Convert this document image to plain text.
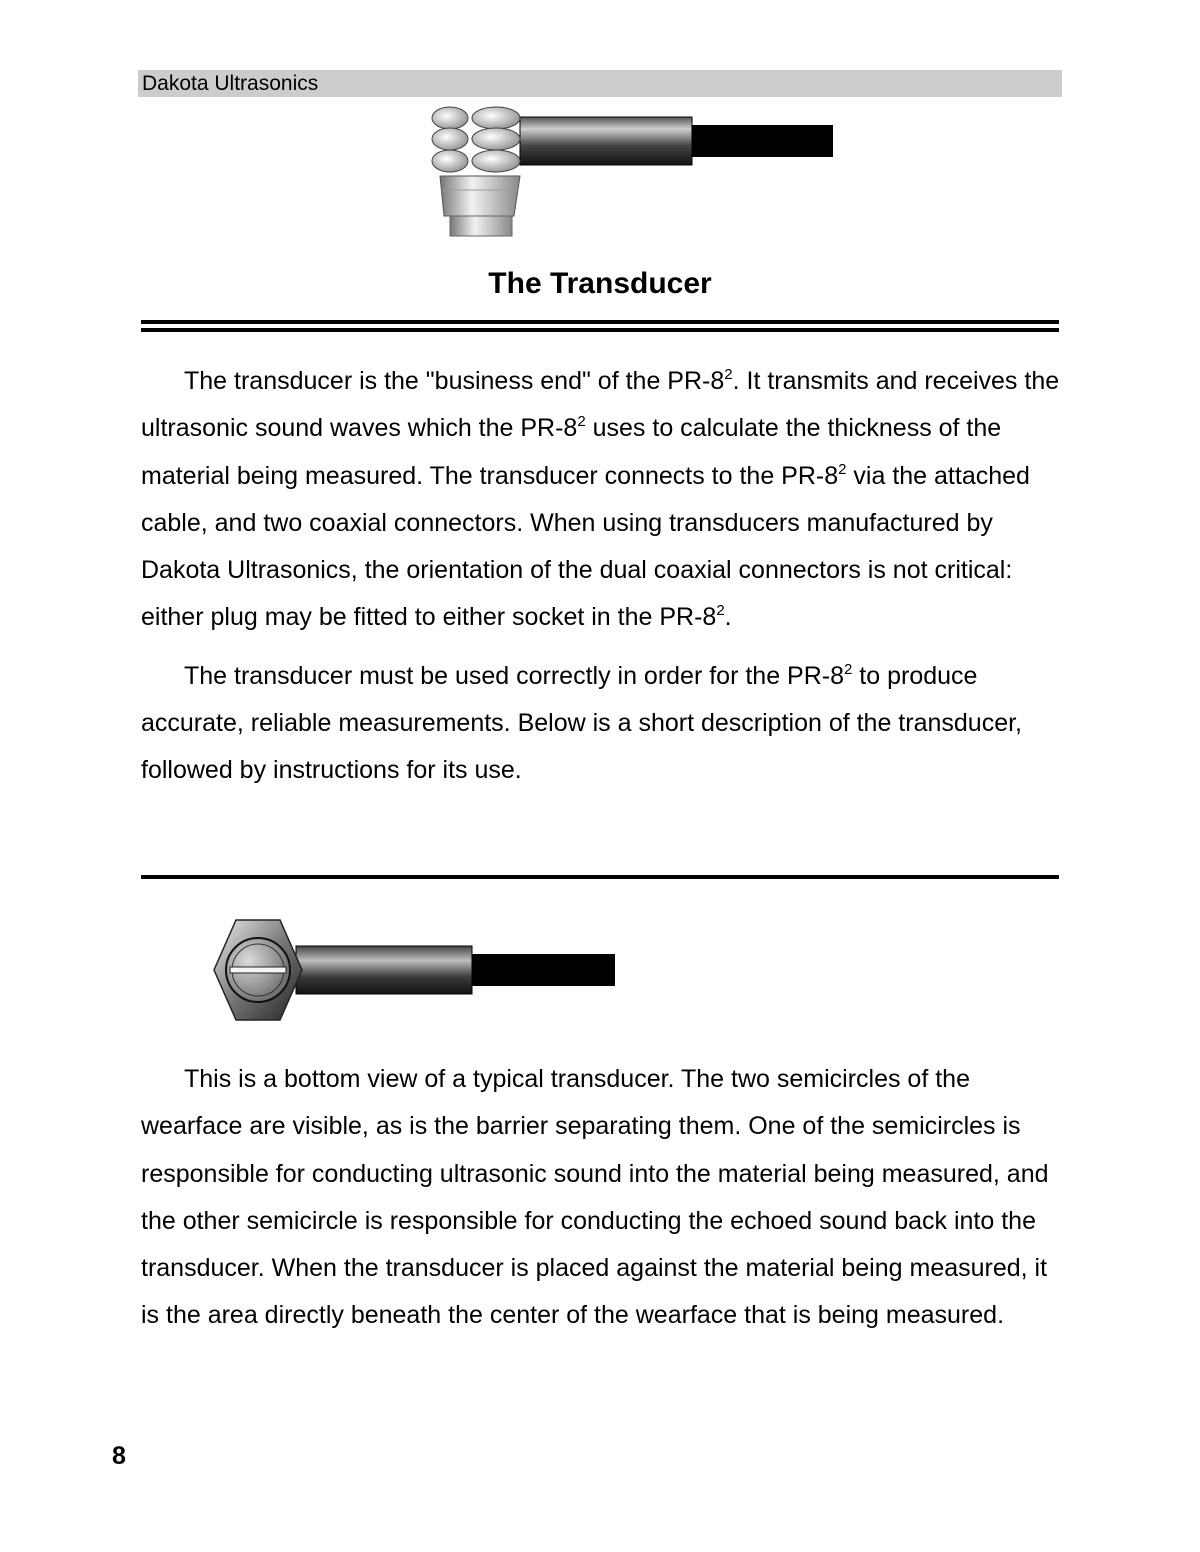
Dakota Ultrasonics
The Transducer

The transducer is the "business end" of the $PR-8^2$. It transmits and receives the ultrasonic sound waves which the $PR-8^2$ uses to calculate the thickness of the material being measured. The transducer connects to the $PR-8^2$ via the attached cable, and two coaxial connectors. When using transducers manufactured by Dakota Ultrasonics, the orientation of the dual coaxial connectors is not critical: either plug may be fitted to either socket in the $PR-8^2$.

The transducer must be used correctly in order for the $PR-8^2$ to produce accurate, reliable measurements. Below is a short description of the transducer, followed by instructions for its use.

This is a bottom view of a typical transducer. The two semicircles of the wearface are visible, as is the barrier separating them. One of the semicircles is responsible for conducting ultrasonic sound into the material being measured, and the other semicircle is responsible for conducting the echoed sound back into the transducer. When the transducer is placed against the material being measured, it is the area directly beneath the center of the wearface that is being measured.

8
